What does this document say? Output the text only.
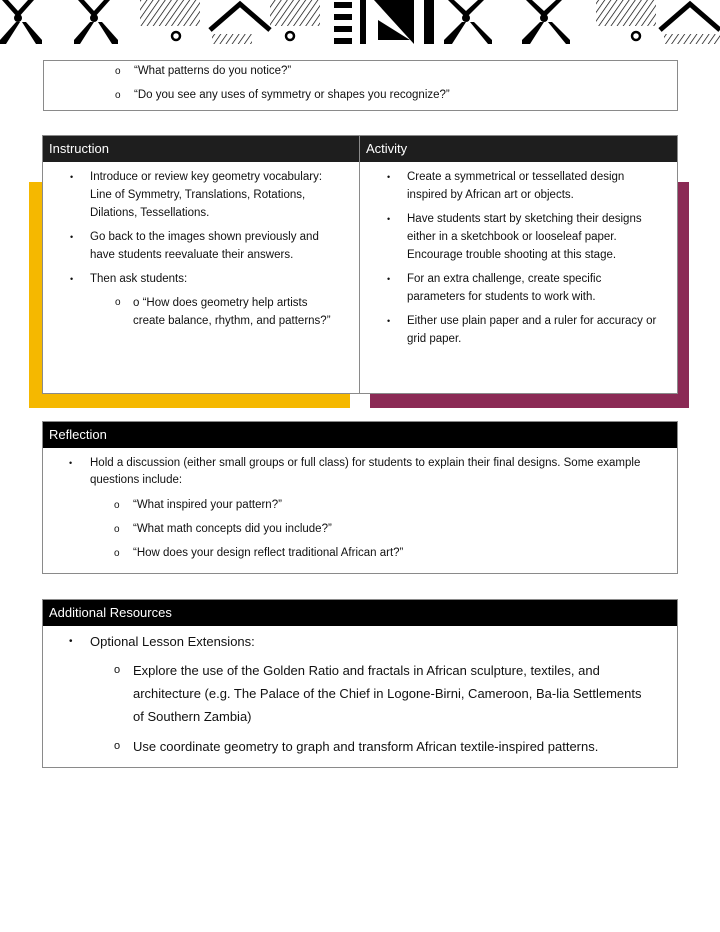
o “What patterns do you notice?”
o “Do you see any uses of symmetry or shapes you recognize?”
Instruction
• Introduce or review key geometry vocabulary: Line of Symmetry, Translations, Rotations, Dilations, Tessellations.
• Go back to the images shown previously and have students reevaluate their answers.
• Then ask students:
o o “How does geometry help artists create balance, rhythm, and patterns?”
Activity
• Create a symmetrical or tessellated design inspired by African art or objects.
• Have students start by sketching their designs either in a sketchbook or looseleaf paper. Encourage trouble shooting at this stage.
• For an extra challenge, create specific parameters for students to work with.
• Either use plain paper and a ruler for accuracy or grid paper.
Reflection
• Hold a discussion (either small groups or full class) for students to explain their final designs. Some example questions include:
o “What inspired your pattern?”
o “What math concepts did you include?”
o “How does your design reflect traditional African art?”
Additional Resources
• Optional Lesson Extensions:
o Explore the use of the Golden Ratio and fractals in African sculpture, textiles, and architecture (e.g. The Palace of the Chief in Logone-Birni, Cameroon, Ba-lia Settlements of Southern Zambia)
o Use coordinate geometry to graph and transform African textile-inspired patterns.
